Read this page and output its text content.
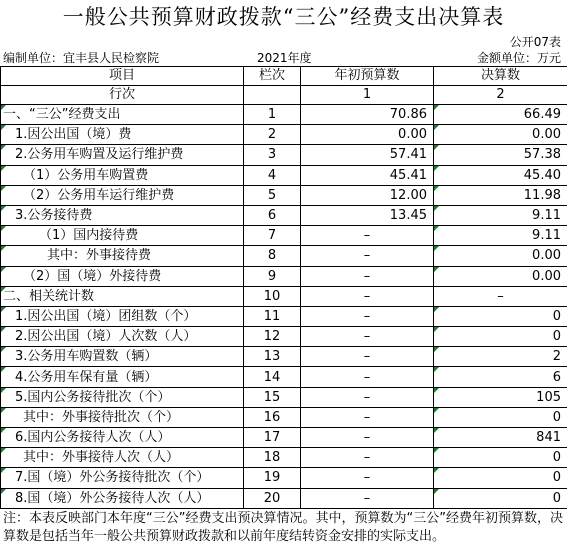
一般公共预算财政拨款“三公”经费支出决算表
公开07表
编制单位：宜丰县人民检察院	2021年度	金额单位：万元
项目	栏次	年初预算数	决算数
行次		1	2
一、“三公”经费支出	1	70.86	66.49
1.因公出国（境）费	2	0.00	0.00
2.公务用车购置及运行维护费	3	57.41	57.38
（1）公务用车购置费	4	45.41	45.40
（2）公务用车运行维护费	5	12.00	11.98
3.公务接待费	6	13.45	9.11
（1）国内接待费	7	–	9.11
其中：外事接待费	8	–	0.00
（2）国（境）外接待费	9	–	0.00
二、相关统计数	10	–	–
1.因公出国（境）团组数（个）	11	–	0
2.因公出国（境）人次数（人）	12	–	0
3.公务用车购置数（辆）	13	–	2
4.公务用车保有量（辆）	14	–	6
5.国内公务接待批次（个）	15	–	105
其中：外事接待批次（个）	16	–	0
6.国内公务接待人次（人）	17	–	841
其中：外事接待人次（人）	18	–	0
7.国（境）外公务接待批次（个）	19	–	0
8.国（境）外公务接待人次（人）	20	–	0
注：本表反映部门本年度“三公”经费支出预决算情况。其中，预算数为“三公”经费年初预算数，决算数是包括当年一般公共预算财政拨款和以前年度结转资金安排的实际支出。
